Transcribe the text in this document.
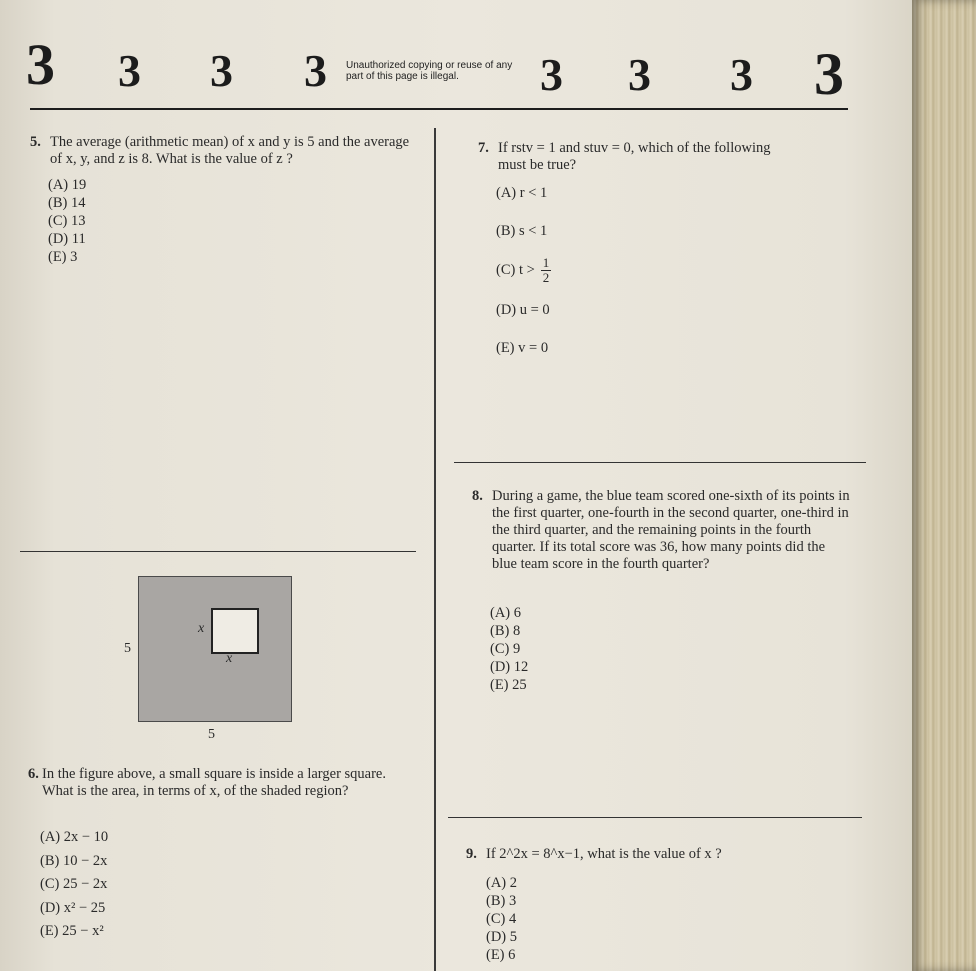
3 3 3 3 Unauthorized copying or reuse of any part of this page is illegal.	3 3 3 3
5. The average (arithmetic mean) of x and y is 5 and the average of x, y, and z is 8. What is the value of z ?
(A) 19
(B) 14
(C) 13
(D) 11
(E) 3
5
5
x
x
6. In the figure above, a small square is inside a larger square. What is the area, in terms of x, of the shaded region?
(A) 2x − 10
(B) 10 − 2x
(C) 25 − 2x
(D) x² − 25
(E) 25 − x²
7. If rstv = 1 and stuv = 0, which of the following
must be true?
(A) r < 1
(B) s < 1
(C) $t > \frac{1}{2}$
(D) u = 0
(E) v = 0
8. During a game, the blue team scored one-sixth of its points in the first quarter, one-fourth in the second quarter, one-third in the third quarter, and the remaining points in the fourth quarter. If its total score was 36, how many points did the blue team score in the fourth quarter?
(A) 6
(B) 8
(C) 9
(D) 12
(E) 25
9. If 2^2x = 8^x−1, what is the value of x ?
(A) 2
(B) 3
(C) 4
(D) 5
(E) 6
